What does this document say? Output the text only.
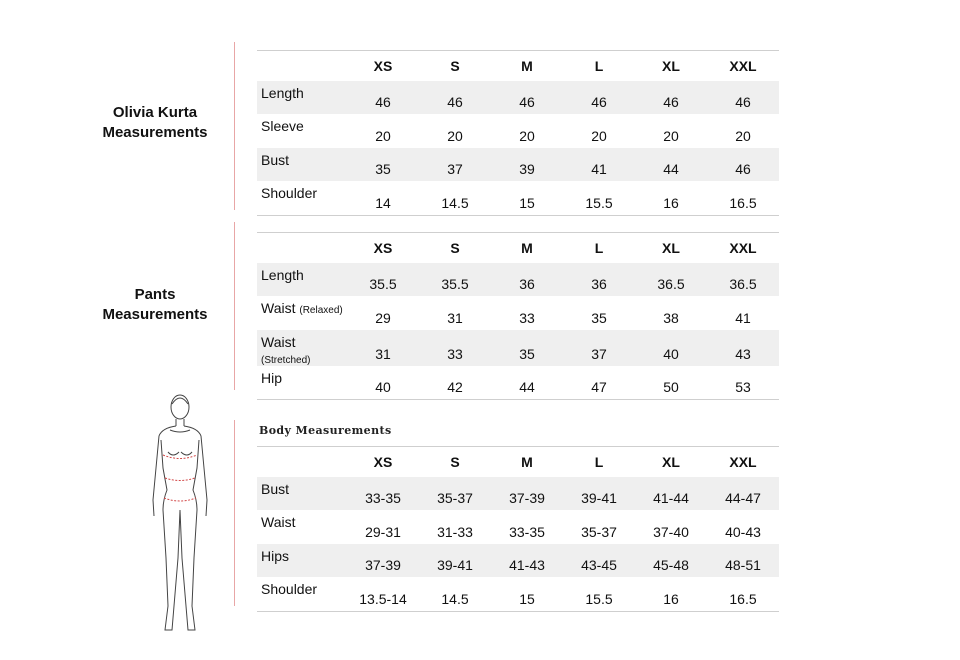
Olivia Kurta
Measurements
	XS	S	M	L	XL	XXL
Length	46	46	46	46	46	46
Sleeve	20	20	20	20	20	20
Bust	35	37	39	41	44	46
Shoulder	14	14.5	15	15.5	16	16.5
Pants
Measurements
	XS	S	M	L	XL	XXL
Length	35.5	35.5	36	36	36.5	36.5
Waist (Relaxed)	29	31	33	35	38	41
Waist (Stretched)	31	33	35	37	40	43
Hip	40	42	44	47	50	53
Body Measurements
	XS	S	M	L	XL	XXL
Bust	33-35	35-37	37-39	39-41	41-44	44-47
Waist	29-31	31-33	33-35	35-37	37-40	40-43
Hips	37-39	39-41	41-43	43-45	45-48	48-51
Shoulder	13.5-14	14.5	15	15.5	16	16.5
